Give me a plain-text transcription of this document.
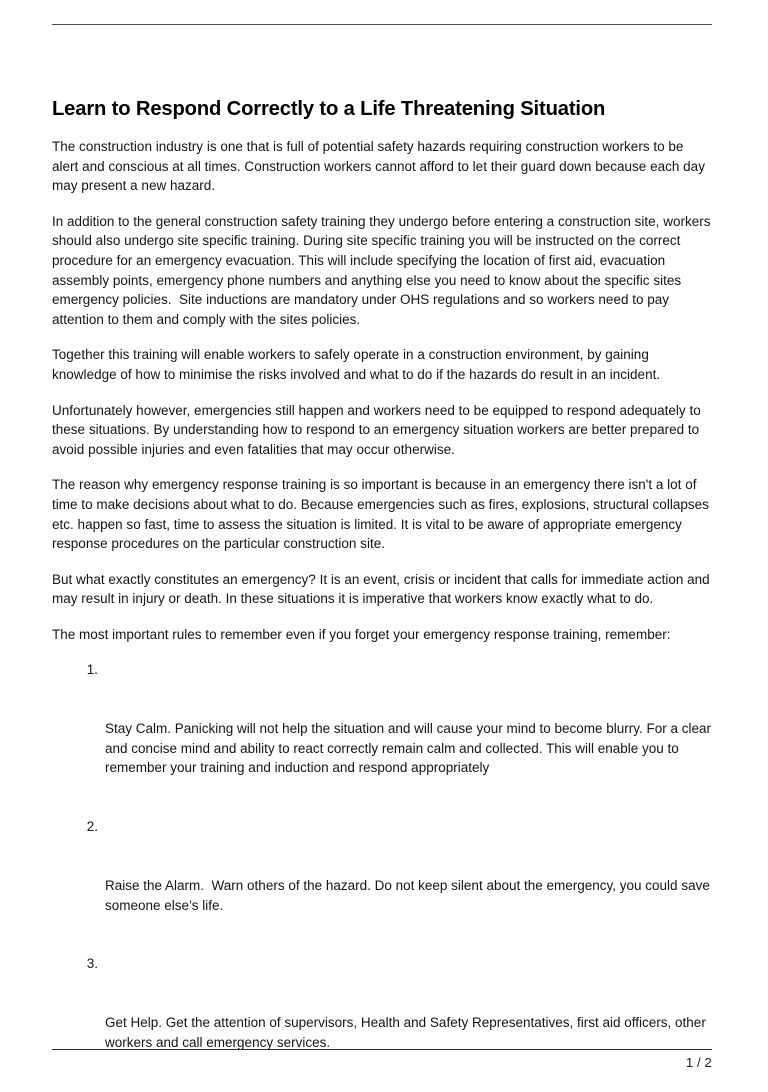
Learn to Respond Correctly to a Life Threatening Situation

The construction industry is one that is full of potential safety hazards requiring construction workers to be alert and conscious at all times. Construction workers cannot afford to let their guard down because each day may present a new hazard.

In addition to the general construction safety training they undergo before entering a construction site, workers should also undergo site specific training. During site specific training you will be instructed on the correct procedure for an emergency evacuation. This will include specifying the location of first aid, evacuation assembly points, emergency phone numbers and anything else you need to know about the specific sites emergency policies.  Site inductions are mandatory under OHS regulations and so workers need to pay attention to them and comply with the sites policies.

Together this training will enable workers to safely operate in a construction environment, by gaining knowledge of how to minimise the risks involved and what to do if the hazards do result in an incident.

Unfortunately however, emergencies still happen and workers need to be equipped to respond adequately to these situations. By understanding how to respond to an emergency situation workers are better prepared to avoid possible injuries and even fatalities that may occur otherwise.

The reason why emergency response training is so important is because in an emergency there isn't a lot of time to make decisions about what to do. Because emergencies such as fires, explosions, structural collapses etc. happen so fast, time to assess the situation is limited. It is vital to be aware of appropriate emergency response procedures on the particular construction site.

But what exactly constitutes an emergency? It is an event, crisis or incident that calls for immediate action and may result in injury or death. In these situations it is imperative that workers know exactly what to do.

The most important rules to remember even if you forget your emergency response training, remember:

1.

Stay Calm. Panicking will not help the situation and will cause your mind to become blurry. For a clear and concise mind and ability to react correctly remain calm and collected. This will enable you to remember your training and induction and respond appropriately

2.

Raise the Alarm.  Warn others of the hazard. Do not keep silent about the emergency, you could save someone else’s life.

3.

Get Help. Get the attention of supervisors, Health and Safety Representatives, first aid officers, other workers and call emergency services.

1 / 2
